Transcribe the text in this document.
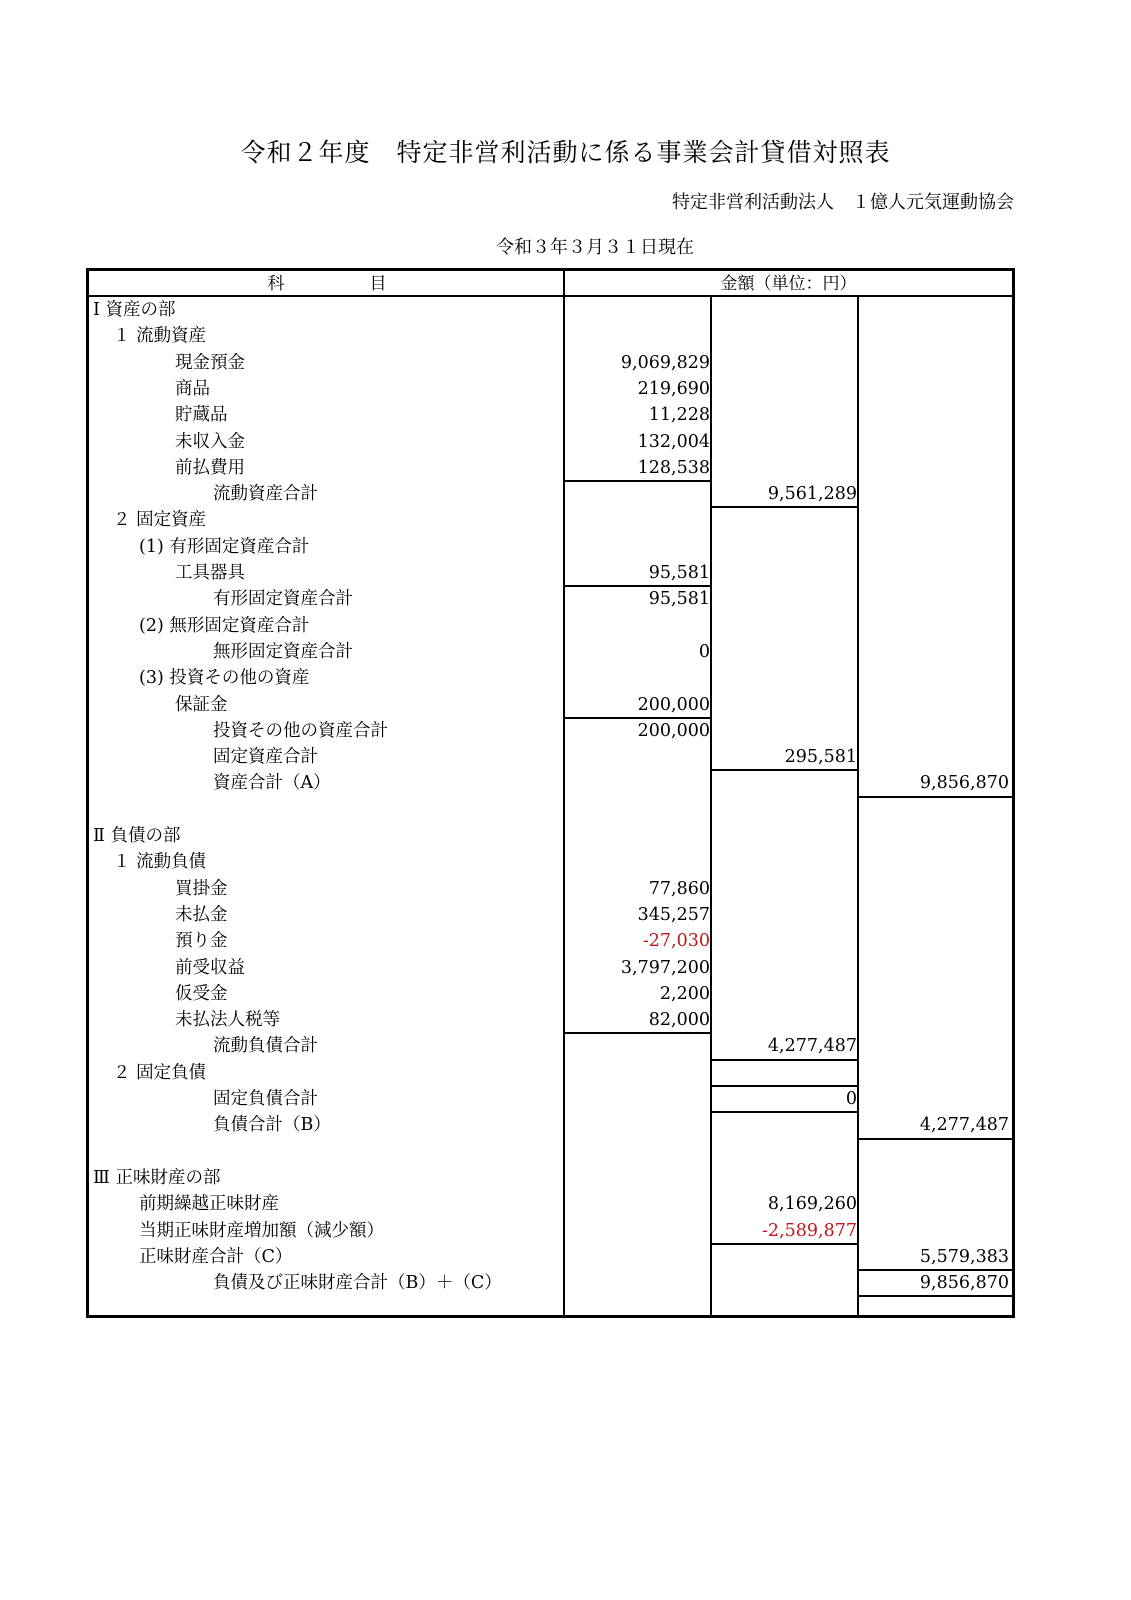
令和２年度　特定非営利活動に係る事業会計貸借対照表
特定非営利活動法人　１億人元気運動協会
令和３年３月３１日現在
科　　　　　目	金額（単位：円）
Ⅰ 資産の部
１ 流動資産
現金預金	9,069,829
商品	219,690
貯蔵品	11,228
未収入金	132,004
前払費用	128,538
流動資産合計	9,561,289
２ 固定資産
(1) 有形固定資産合計
工具器具	95,581
有形固定資産合計	95,581
(2) 無形固定資産合計
無形固定資産合計	0
(3) 投資その他の資産
保証金	200,000
投資その他の資産合計	200,000
固定資産合計	295,581
資産合計（A）	9,856,870
Ⅱ 負債の部
１ 流動負債
買掛金	77,860
未払金	345,257
預り金	-27,030
前受収益	3,797,200
仮受金	2,200
未払法人税等	82,000
流動負債合計	4,277,487
２ 固定負債
固定負債合計	0
負債合計（B）	4,277,487
Ⅲ 正味財産の部
前期繰越正味財産	8,169,260
当期正味財産増加額（減少額）	-2,589,877
正味財産合計（C）	5,579,383
負債及び正味財産合計（B）＋（C）	9,856,870
